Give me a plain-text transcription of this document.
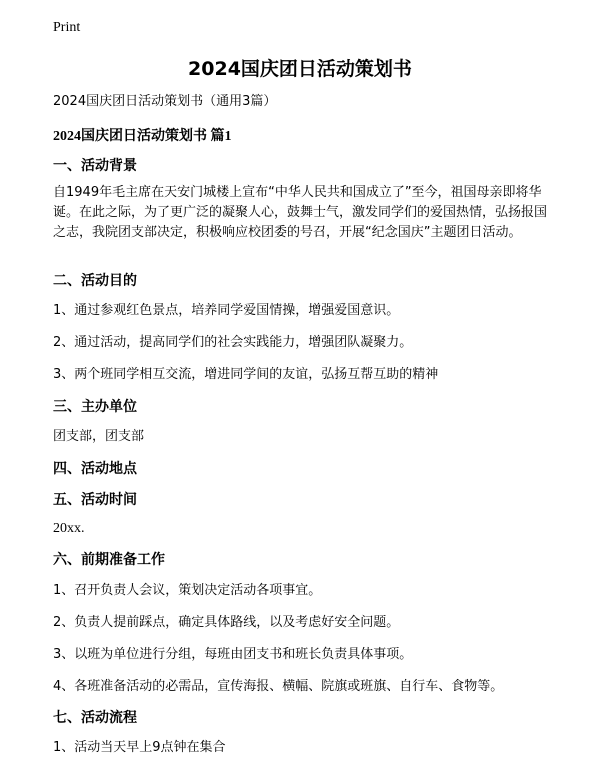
Print
2024国庆团日活动策划书

2024国庆团日活动策划书（通用3篇）

2024国庆团日活动策划书 篇1
一、活动背景

自1949年毛主席在天安门城楼上宣布“中华人民共和国成立了”至今，祖国母亲即将华诞。在此之际，为了更广泛的凝聚人心，鼓舞士气，激发同学们的爱国热情，弘扬报国之志，我院团支部决定，积极响应校团委的号召，开展“纪念国庆”主题团日活动。

二、活动目的

1、通过参观红色景点，培养同学爱国情操，增强爱国意识。

2、通过活动，提高同学们的社会实践能力，增强团队凝聚力。

3、两个班同学相互交流，增进同学间的友谊，弘扬互帮互助的精神

三、主办单位

团支部，团支部

四、活动地点
五、活动时间

20xx.

六、前期准备工作

1、召开负责人会议，策划决定活动各项事宜。

2、负责人提前踩点，确定具体路线，以及考虑好安全问题。

3、以班为单位进行分组，每班由团支书和班长负责具体事项。

4、各班准备活动的必需品，宣传海报、横幅、院旗或班旗、自行车、食物等。

七、活动流程

1、活动当天早上9点钟在集合
